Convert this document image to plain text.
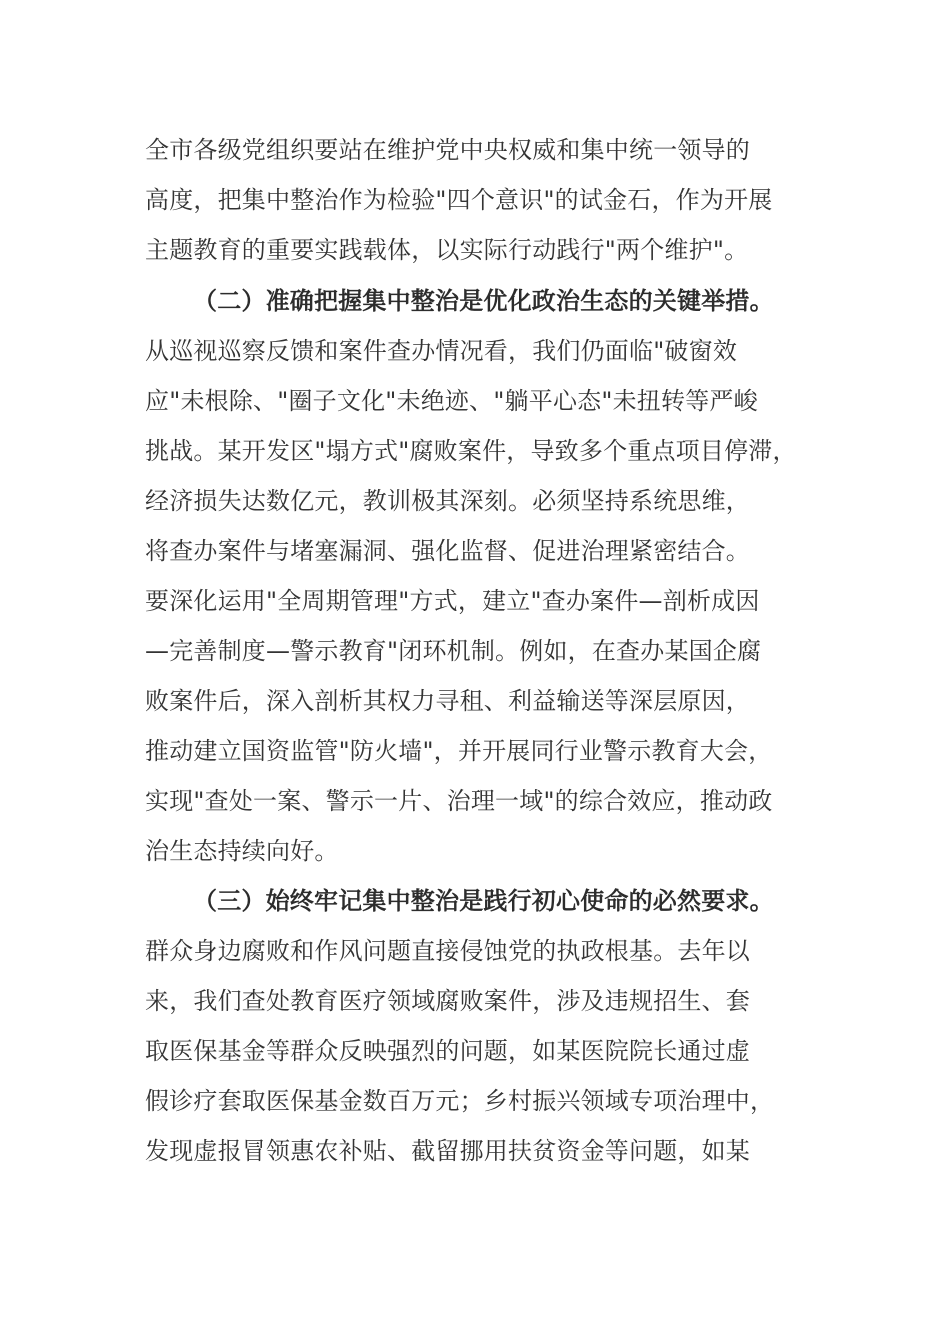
全市各级党组织要站在维护党中央权威和集中统一领导的
高度，把集中整治作为检验"四个意识"的试金石，作为开展
主题教育的重要实践载体，以实际行动践行"两个维护"。
（二）准确把握集中整治是优化政治生态的关键举措。
从巡视巡察反馈和案件查办情况看，我们仍面临"破窗效
应"未根除、"圈子文化"未绝迹、"躺平心态"未扭转等严峻
挑战。某开发区"塌方式"腐败案件，导致多个重点项目停滞，
经济损失达数亿元，教训极其深刻。必须坚持系统思维，
将查办案件与堵塞漏洞、强化监督、促进治理紧密结合。
要深化运用"全周期管理"方式，建立"查办案件—剖析成因
—完善制度—警示教育"闭环机制。例如，在查办某国企腐
败案件后，深入剖析其权力寻租、利益输送等深层原因，
推动建立国资监管"防火墙"，并开展同行业警示教育大会，
实现"查处一案、警示一片、治理一域"的综合效应，推动政
治生态持续向好。
（三）始终牢记集中整治是践行初心使命的必然要求。
群众身边腐败和作风问题直接侵蚀党的执政根基。去年以
来，我们查处教育医疗领域腐败案件，涉及违规招生、套
取医保基金等群众反映强烈的问题，如某医院院长通过虚
假诊疗套取医保基金数百万元；乡村振兴领域专项治理中，
发现虚报冒领惠农补贴、截留挪用扶贫资金等问题，如某
